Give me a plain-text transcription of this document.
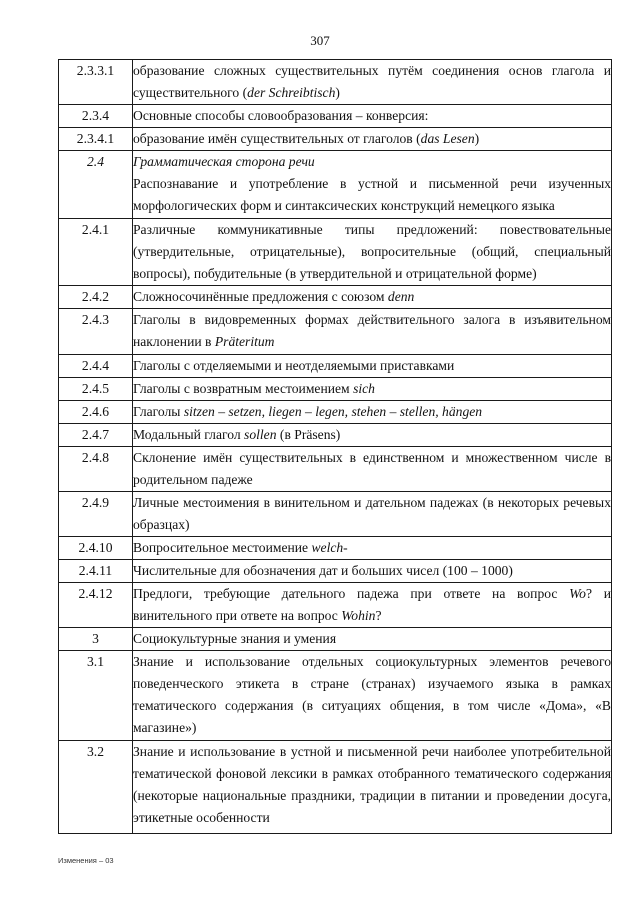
307
2.3.3.1	образование сложных существительных путём соединения основ глагола и существительного (der Schreibtisch)
2.3.4	Основные способы словообразования – конверсия:
2.3.4.1	образование имён существительных от глаголов (das Lesen)
2.4	Грамматическая сторона речи
Распознавание и употребление в устной и письменной речи изученных морфологических форм и синтаксических конструкций немецкого языка
2.4.1	Различные коммуникативные типы предложений: повествовательные (утвердительные, отрицательные), вопросительные (общий, специальный вопросы), побудительные (в утвердительной и отрицательной форме)
2.4.2	Сложносочинённые предложения с союзом denn
2.4.3	Глаголы в видовременных формах действительного залога в изъявительном наклонении в Präteritum
2.4.4	Глаголы с отделяемыми и неотделяемыми приставками
2.4.5	Глаголы с возвратным местоимением sich
2.4.6	Глаголы sitzen – setzen, liegen – legen, stehen – stellen, hängen
2.4.7	Модальный глагол sollen (в Präsens)
2.4.8	Склонение имён существительных в единственном и множественном числе в родительном падеже
2.4.9	Личные местоимения в винительном и дательном падежах (в некоторых речевых образцах)
2.4.10	Вопросительное местоимение welch-
2.4.11	Числительные для обозначения дат и больших чисел (100 – 1000)
2.4.12	Предлоги, требующие дательного падежа при ответе на вопрос Wo? и винительного при ответе на вопрос Wohin?
3	Социокультурные знания и умения
3.1	Знание и использование отдельных социокультурных элементов речевого поведенческого этикета в стране (странах) изучаемого языка в рамках тематического содержания (в ситуациях общения, в том числе «Дома», «В магазине»)
3.2	Знание и использование в устной и письменной речи наиболее употребительной тематической фоновой лексики в рамках отобранного тематического содержания (некоторые национальные праздники, традиции в питании и проведении досуга, этикетные особенности
Изменения – 03
